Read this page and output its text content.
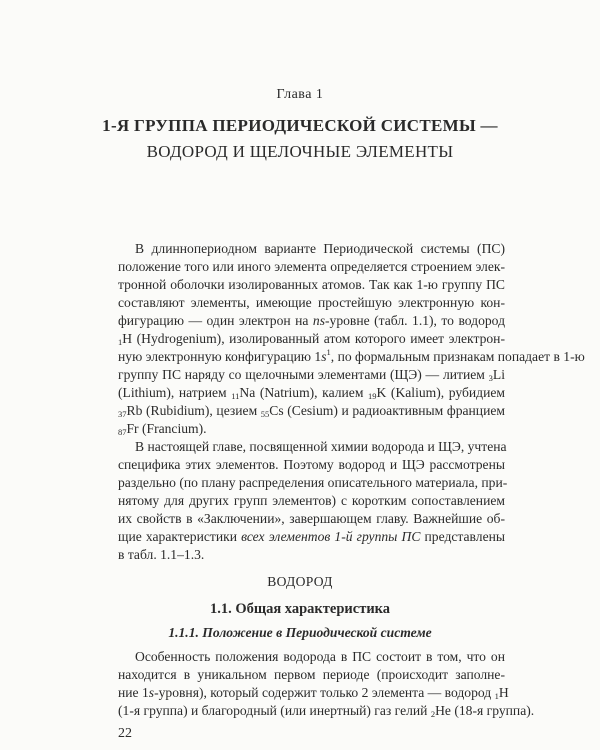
Глава 1
1-Я ГРУППА ПЕРИОДИЧЕСКОЙ СИСТЕМЫ —
ВОДОРОД И ЩЕЛОЧНЫЕ ЭЛЕМЕНТЫ
В длиннопериодном варианте Периодической системы (ПС)
положение того или иного элемента определяется строением элек-
тронной оболочки изолированных атомов. Так как 1-ю группу ПС
составляют элементы, имеющие простейшую электронную кон-
фигурацию — один электрон на ns-уровне (табл. 1.1), то водород
$_1$H (Hydrogenium), изолированный атом которого имеет электрон-
ную электронную конфигурацию $1s^1$, по формальным признакам попадает в 1-ю
группу ПС наряду со щелочными элементами (ЩЭ) — литием $_3$Li
(Lithium), натрием $_{11}$Na (Natrium), калием $_{19}$K (Kalium), рубидием
$_{37}$Rb (Rubidium), цезием $_{55}$Cs (Cesium) и радиоактивным францием
$_{87}$Fr (Francium).
В настоящей главе, посвященной химии водорода и ЩЭ, учтена
специфика этих элементов. Поэтому водород и ЩЭ рассмотрены
раздельно (по плану распределения описательного материала, при-
нятому для других групп элементов) с коротким сопоставлением
их свойств в «Заключении», завершающем главу. Важнейшие об-
щие характеристики всех элементов 1-й группы ПС представлены
в табл. 1.1–1.3.
ВОДОРОД
1.1. Общая характеристика
1.1.1. Положение в Периодической системе
Особенность положения водорода в ПС состоит в том, что он
находится в уникальном первом периоде (происходит заполне-
ние 1s-уровня), который содержит только 2 элемента — водород $_1$H
(1-я группа) и благородный (или инертный) газ гелий $_2$He (18-я группа).
22
